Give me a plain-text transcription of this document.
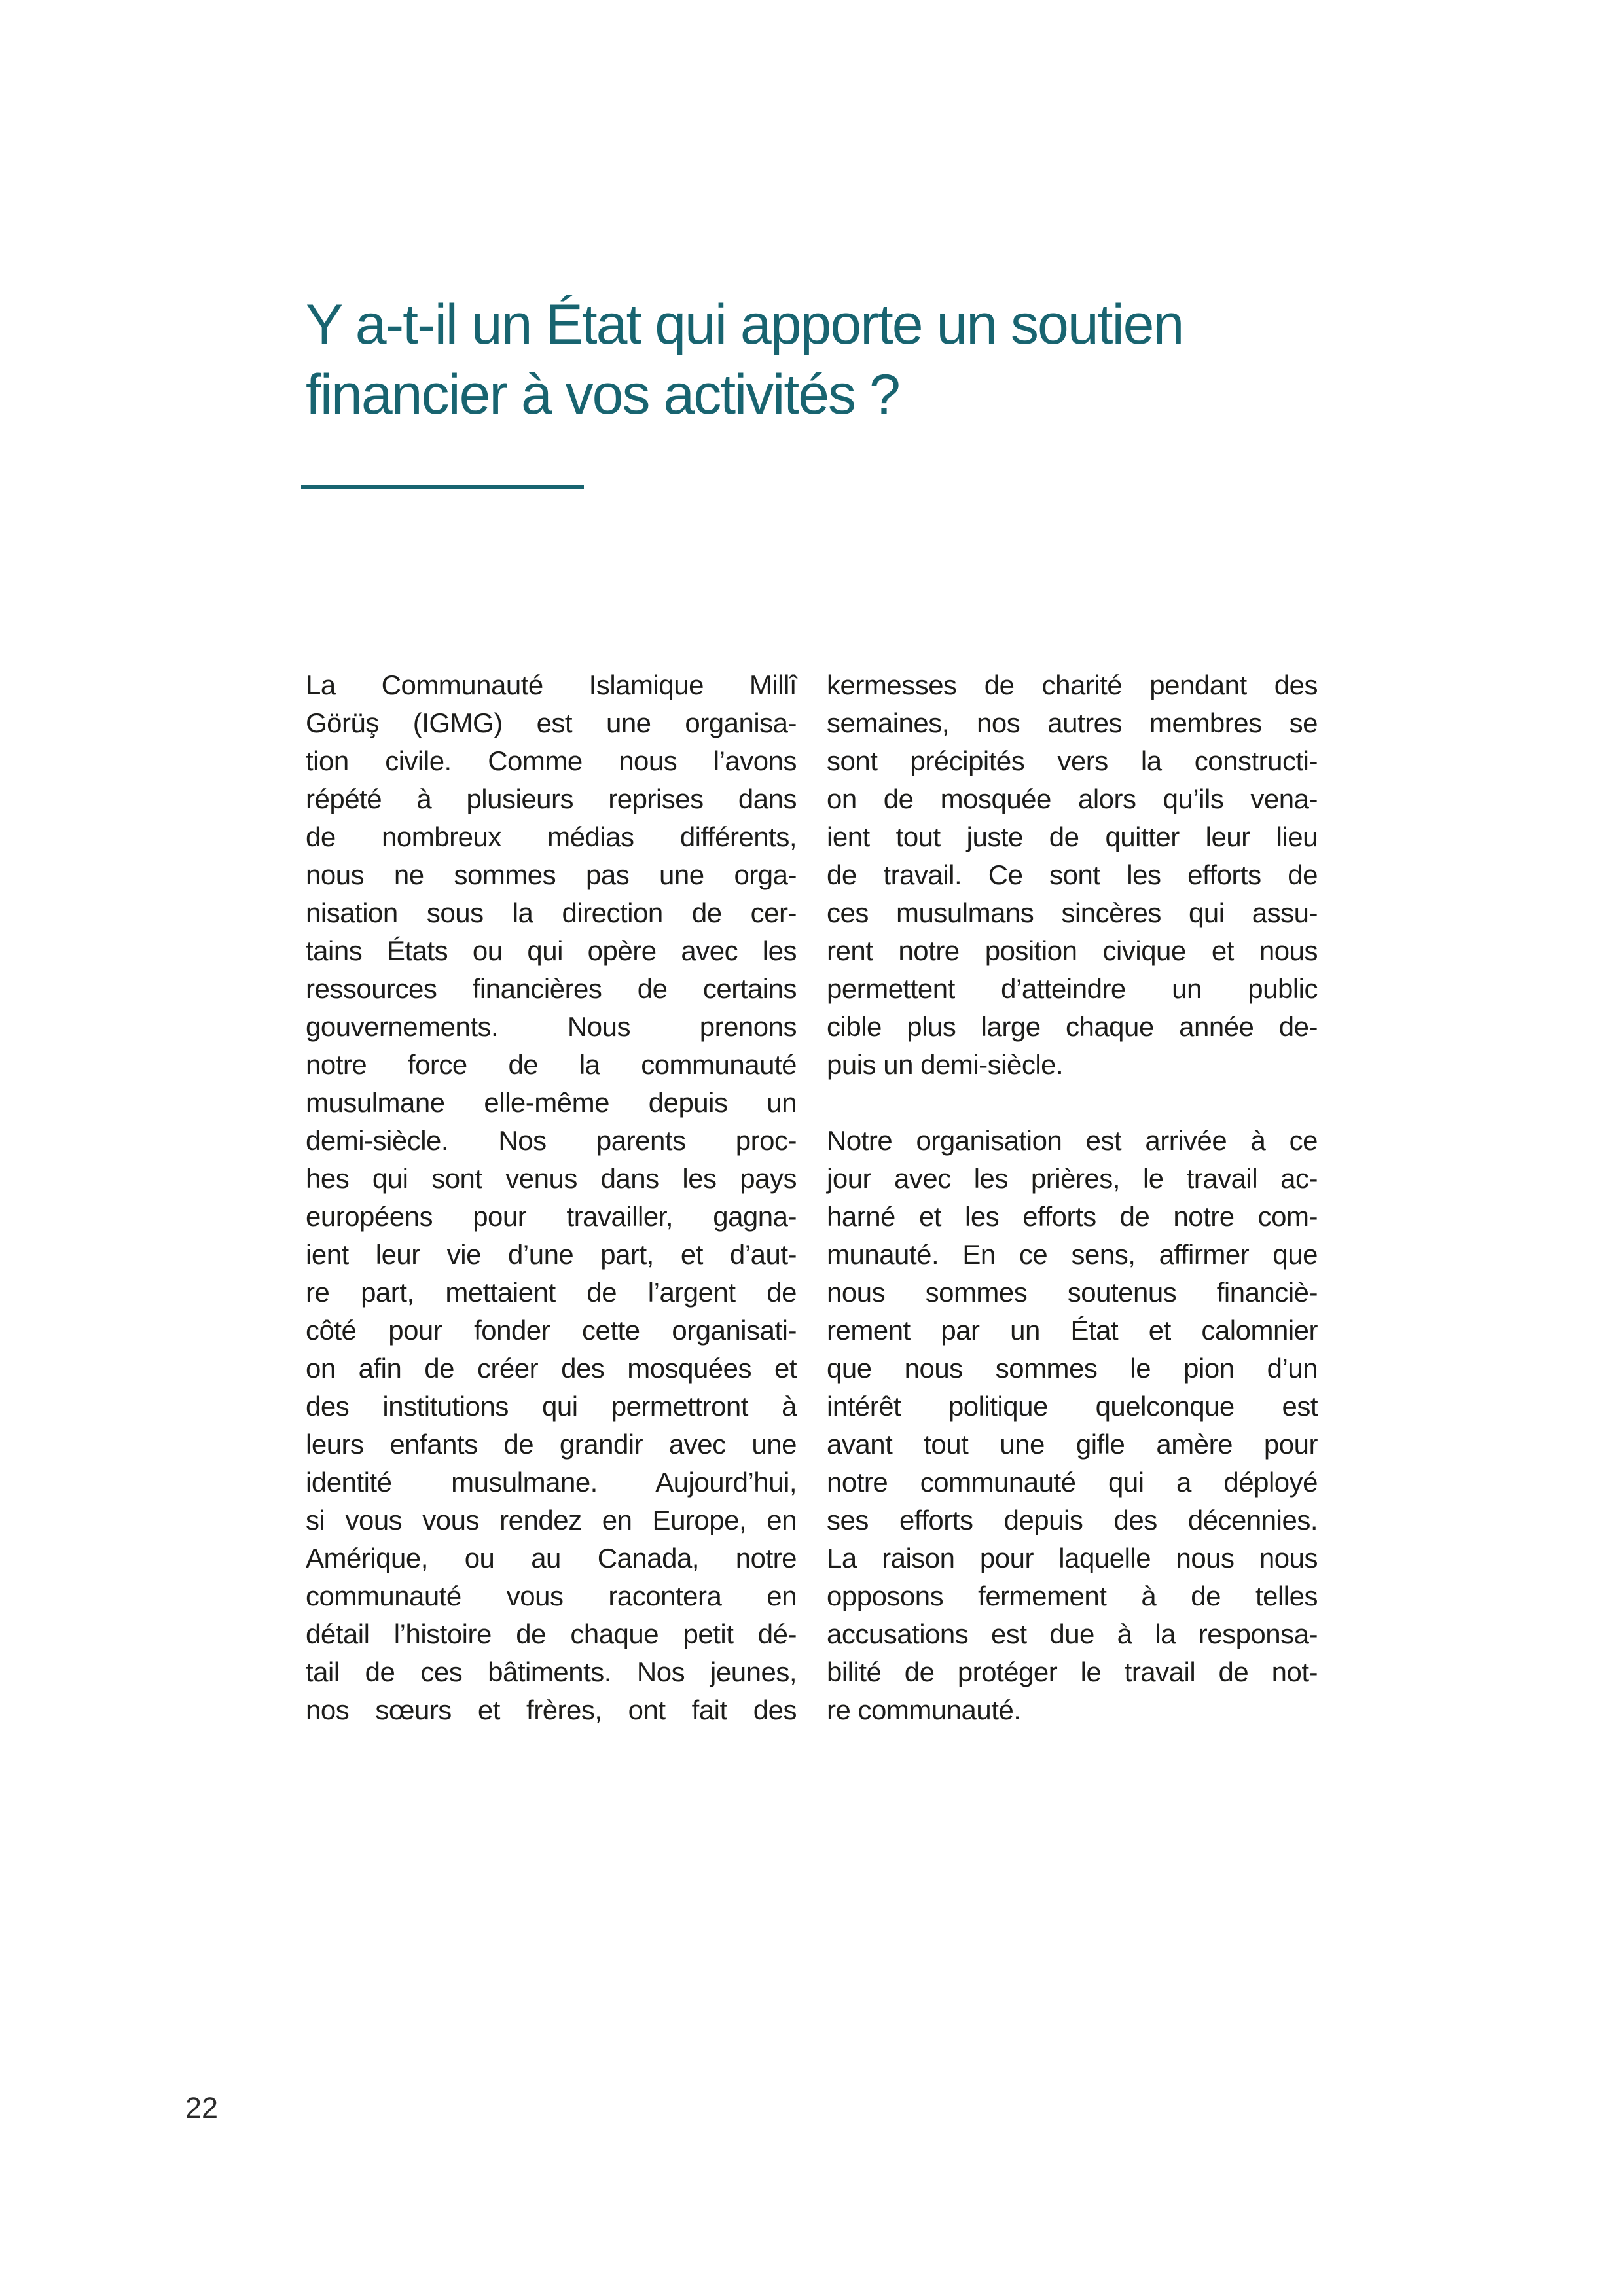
Y a-t-il un État qui apporte un soutien
financier à vos activités ?
La Communauté Islamique Millî
Görüş (IGMG) est une organisa-
tion civile. Comme nous l’avons
répété à plusieurs reprises dans
de nombreux médias différents,
nous ne sommes pas une orga-
nisation sous la direction de cer-
tains États ou qui opère avec les
ressources financières de certains
gouvernements. Nous prenons
notre force de la communauté
musulmane elle-même depuis un
demi-siècle. Nos parents proc-
hes qui sont venus dans les pays
européens pour travailler, gagna-
ient leur vie d’une part, et d’aut-
re part, mettaient de l’argent de
côté pour fonder cette organisati-
on afin de créer des mosquées et
des institutions qui permettront à
leurs enfants de grandir avec une
identité musulmane. Aujourd’hui,
si vous vous rendez en Europe, en
Amérique, ou au Canada, notre
communauté vous racontera en
détail l’histoire de chaque petit dé-
tail de ces bâtiments. Nos jeunes,
nos sœurs et frères, ont fait des
kermesses de charité pendant des
semaines, nos autres membres se
sont précipités vers la constructi-
on de mosquée alors qu’ils vena-
ient tout juste de quitter leur lieu
de travail. Ce sont les efforts de
ces musulmans sincères qui assu-
rent notre position civique et nous
permettent d’atteindre un public
cible plus large chaque année de-
puis un demi-siècle.
Notre organisation est arrivée à ce
jour avec les prières, le travail ac-
harné et les efforts de notre com-
munauté. En ce sens, affirmer que
nous sommes soutenus financiè-
rement par un État et calomnier
que nous sommes le pion d’un
intérêt politique quelconque est
avant tout une gifle amère pour
notre communauté qui a déployé
ses efforts depuis des décennies.
La raison pour laquelle nous nous
opposons fermement à de telles
accusations est due à la responsa-
bilité de protéger le travail de not-
re communauté.
22
